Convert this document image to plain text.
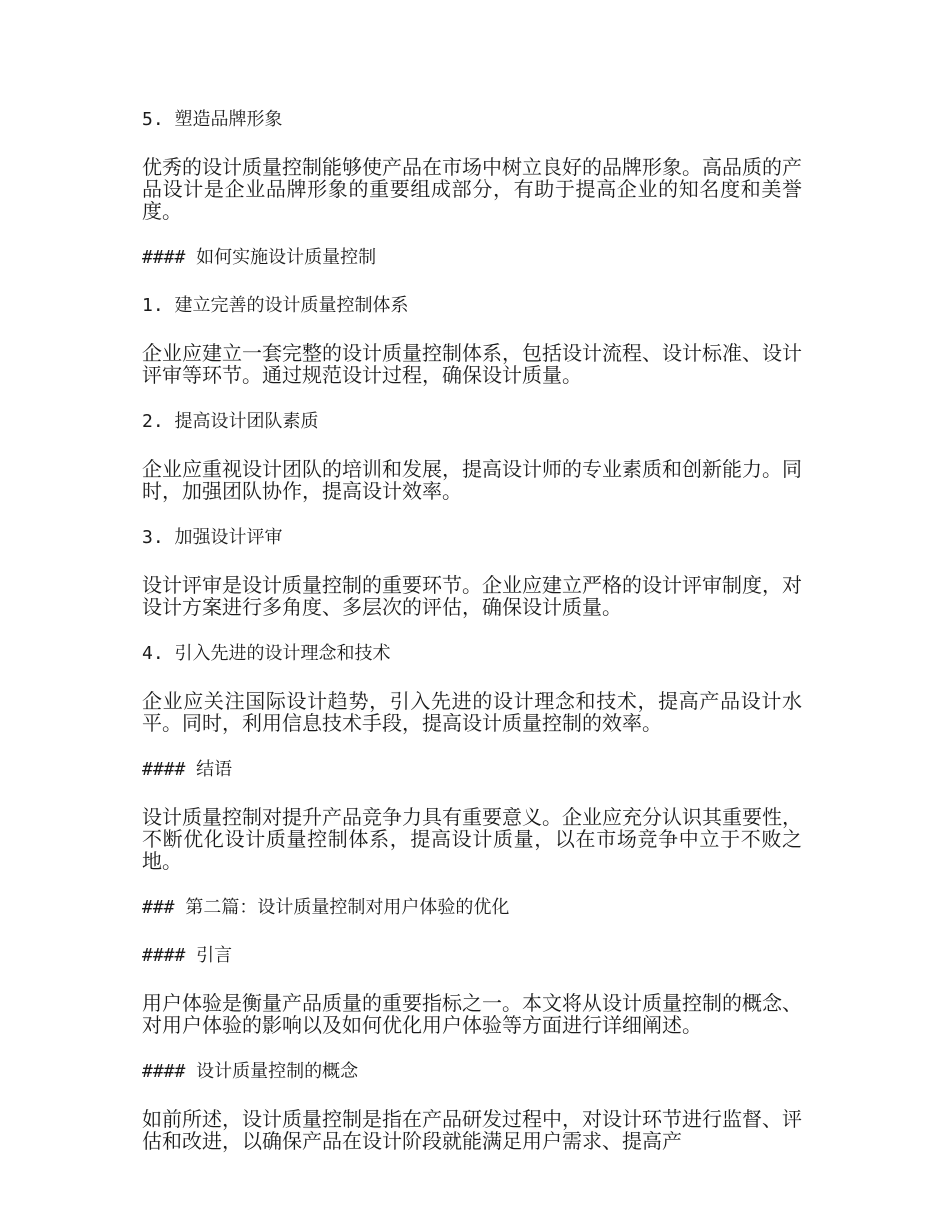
5. 塑造品牌形象
优秀的设计质量控制能够使产品在市场中树立良好的品牌形象。高品质的产品设计是企业品牌形象的重要组成部分，有助于提高企业的知名度和美誉度。
#### 如何实施设计质量控制
1. 建立完善的设计质量控制体系
企业应建立一套完整的设计质量控制体系，包括设计流程、设计标准、设计评审等环节。通过规范设计过程，确保设计质量。
2. 提高设计团队素质
企业应重视设计团队的培训和发展，提高设计师的专业素质和创新能力。同时，加强团队协作，提高设计效率。
3. 加强设计评审
设计评审是设计质量控制的重要环节。企业应建立严格的设计评审制度，对设计方案进行多角度、多层次的评估，确保设计质量。
4. 引入先进的设计理念和技术
企业应关注国际设计趋势，引入先进的设计理念和技术，提高产品设计水平。同时，利用信息技术手段，提高设计质量控制的效率。
#### 结语
设计质量控制对提升产品竞争力具有重要意义。企业应充分认识其重要性，不断优化设计质量控制体系，提高设计质量，以在市场竞争中立于不败之地。
### 第二篇：设计质量控制对用户体验的优化
#### 引言
用户体验是衡量产品质量的重要指标之一。本文将从设计质量控制的概念、对用户体验的影响以及如何优化用户体验等方面进行详细阐述。
#### 设计质量控制的概念
如前所述，设计质量控制是指在产品研发过程中，对设计环节进行监督、评估和改进，以确保产品在设计阶段就能满足用户需求、提高产
